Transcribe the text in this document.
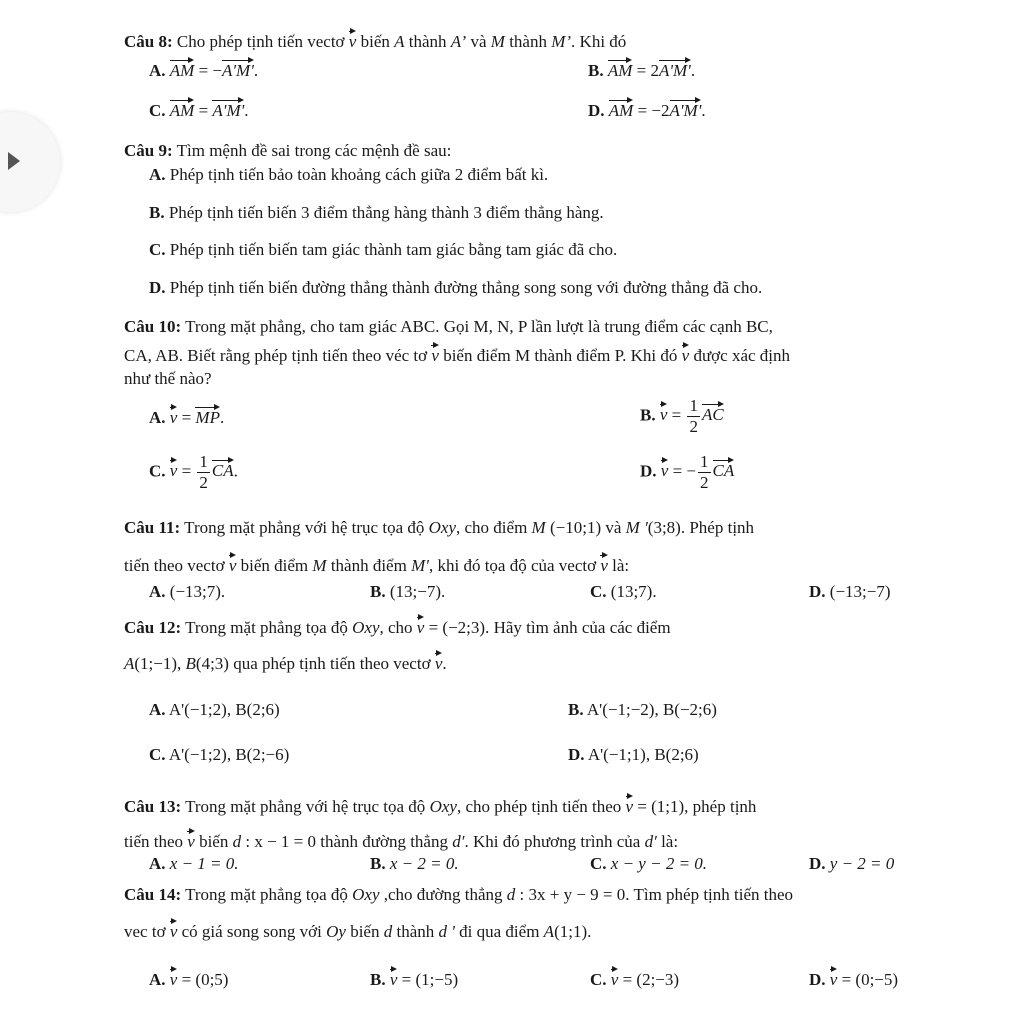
Câu 8: Cho phép tịnh tiến vectơ v biến A thành A’ và M thành M’. Khi đó
A. AM = −A'M'.	B. AM = 2A'M'.
C. AM = A'M'.	D. AM = −2A'M'.
Câu 9: Tìm mệnh đề sai trong các mệnh đề sau:
A. Phép tịnh tiến bảo toàn khoảng cách giữa 2 điểm bất kì.
B. Phép tịnh tiến biến 3 điểm thẳng hàng thành 3 điểm thẳng hàng.
C. Phép tịnh tiến biến tam giác thành tam giác bằng tam giác đã cho.
D. Phép tịnh tiến biến đường thẳng thành đường thẳng song song với đường thẳng đã cho.
Câu 10: Trong mặt phẳng, cho tam giác ABC. Gọi M, N, P lần lượt là trung điểm các cạnh BC,
CA, AB. Biết rằng phép tịnh tiến theo véc tơ v biến điểm M thành điểm P. Khi đó v được xác định
như thế nào?
A. v = MP.	B. $v = \frac{1}{2}$ AC
C. $v = \frac{1}{2}$ CA.	D. v = − $\frac{1}{2}$ CA
Câu 11: Trong mặt phẳng với hệ trục tọa độ Oxy, cho điểm M (−10;1) và M ′(3;8). Phép tịnh
tiến theo vectơ v biến điểm M thành điểm M′, khi đó tọa độ của vectơ v là:
A. (−13;7).	B. (13;−7).	C. (13;7).	D. (−13;−7)
Câu 12: Trong mặt phẳng tọa độ Oxy, cho v = (−2;3). Hãy tìm ảnh của các điểm
A(1;−1), B(4;3) qua phép tịnh tiến theo vectơ v.
A. A'(−1;2), B(2;6)	B. A'(−1;−2), B(−2;6)
C. A'(−1;2), B(2;−6)	D. A'(−1;1), B(2;6)
Câu 13: Trong mặt phẳng với hệ trục tọa độ Oxy, cho phép tịnh tiến theo v = (1;1), phép tịnh
tiến theo v biến d : x − 1 = 0 thành đường thẳng d′. Khi đó phương trình của d′ là:
A. x − 1 = 0.	B. x − 2 = 0.	C. x − y − 2 = 0.	D. y − 2 = 0
Câu 14: Trong mặt phẳng tọa độ Oxy ,cho đường thẳng d : 3x + y − 9 = 0. Tìm phép tịnh tiến theo
vec tơ v có giá song song với Oy biến d thành d ' đi qua điểm A(1;1).
A. v = (0;5)	B. v = (1;−5)	C. v = (2;−3)	D. v = (0;−5)
